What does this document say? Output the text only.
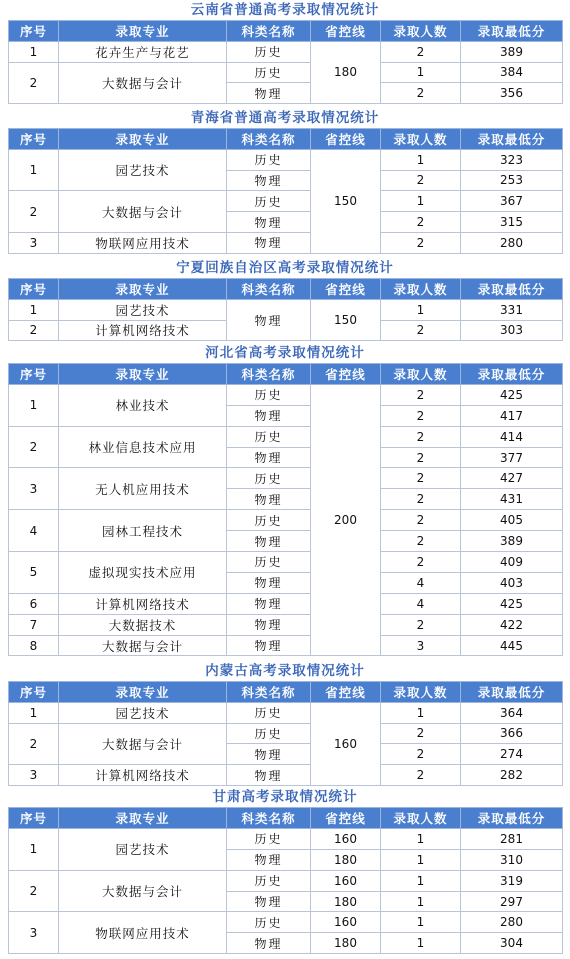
云南省普通高考录取情况统计
序号	录取专业	科类名称	省控线	录取人数	录取最低分
1	花卉生产与花艺	历史	180	2	389
2	大数据与会计	历史		1	384
		物理		2	356
青海省普通高考录取情况统计
序号	录取专业	科类名称	省控线	录取人数	录取最低分
1	园艺技术	历史	150	1	323
		物理		2	253
2	大数据与会计	历史		1	367
		物理		2	315
3	物联网应用技术	物理		2	280
宁夏回族自治区高考录取情况统计
序号	录取专业	科类名称	省控线	录取人数	录取最低分
1	园艺技术	物理	150	1	331
2	计算机网络技术			2	303
河北省高考录取情况统计
序号	录取专业	科类名称	省控线	录取人数	录取最低分
1	林业技术	历史	200	2	425
		物理		2	417
2	林业信息技术应用	历史		2	414
		物理		2	377
3	无人机应用技术	历史		2	427
		物理		2	431
4	园林工程技术	历史		2	405
		物理		2	389
5	虚拟现实技术应用	历史		2	409
		物理		4	403
6	计算机网络技术	物理		4	425
7	大数据技术	物理		2	422
8	大数据与会计	物理		3	445
内蒙古高考录取情况统计
序号	录取专业	科类名称	省控线	录取人数	录取最低分
1	园艺技术	历史	160	1	364
2	大数据与会计	历史		2	366
		物理		2	274
3	计算机网络技术	物理		2	282
甘肃高考录取情况统计
序号	录取专业	科类名称	省控线	录取人数	录取最低分
1	园艺技术	历史	160	1	281
		物理	180	1	310
2	大数据与会计	历史	160	1	319
		物理	180	1	297
3	物联网应用技术	历史	160	1	280
		物理	180	1	304
